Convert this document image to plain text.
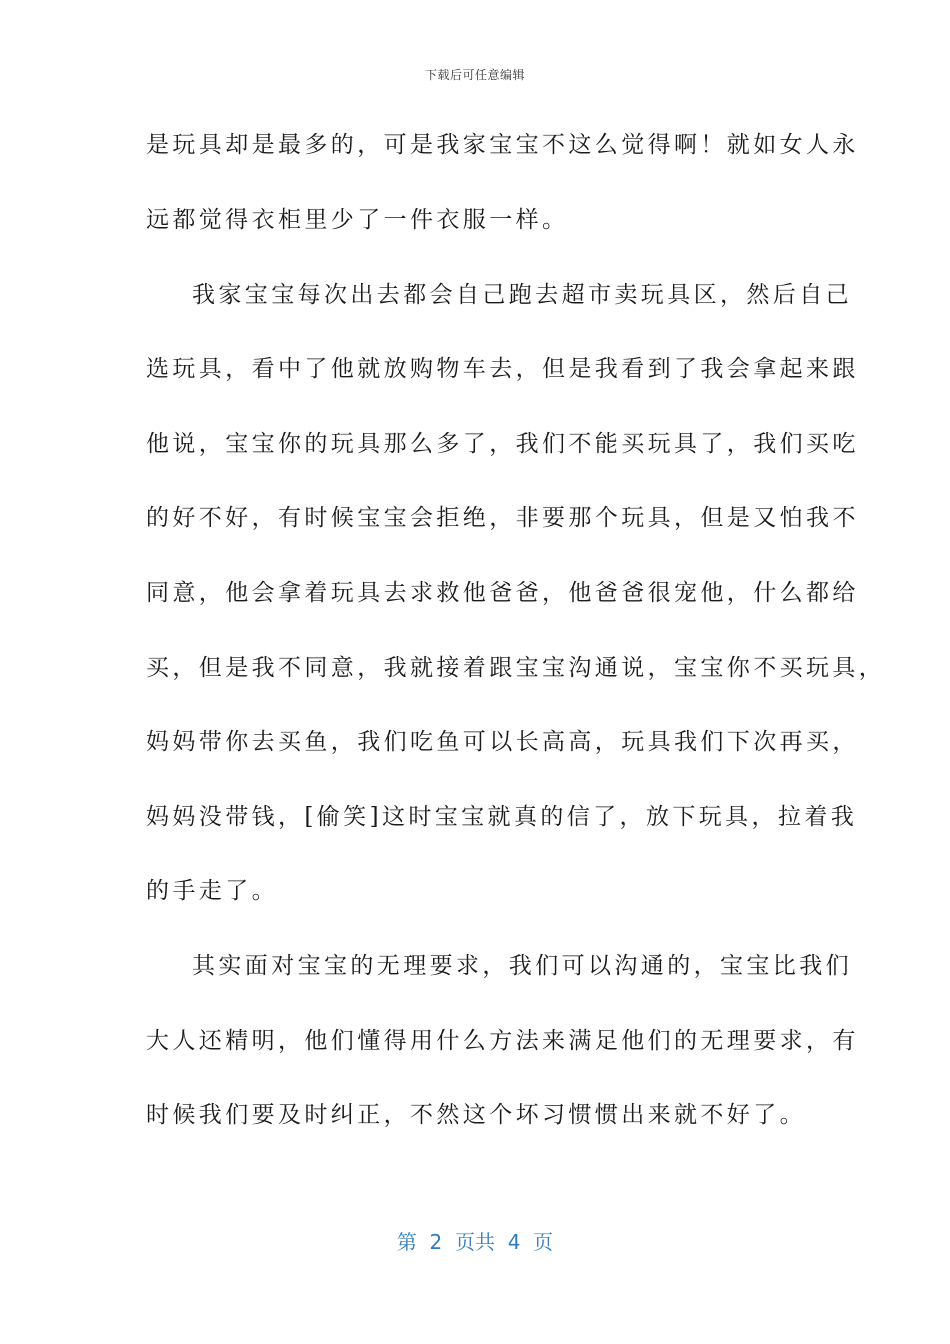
下载后可任意编辑
是玩具却是最多的，可是我家宝宝不这么觉得啊！就如女人永
远都觉得衣柜里少了一件衣服一样。
我家宝宝每次出去都会自己跑去超市卖玩具区，然后自己
选玩具，看中了他就放购物车去，但是我看到了我会拿起来跟
他说，宝宝你的玩具那么多了，我们不能买玩具了，我们买吃
的好不好，有时候宝宝会拒绝，非要那个玩具，但是又怕我不
同意，他会拿着玩具去求救他爸爸，他爸爸很宠他，什么都给
买，但是我不同意，我就接着跟宝宝沟通说，宝宝你不买玩具，
妈妈带你去买鱼，我们吃鱼可以长高高，玩具我们下次再买，
妈妈没带钱，[偷笑]这时宝宝就真的信了，放下玩具，拉着我
的手走了。
其实面对宝宝的无理要求，我们可以沟通的，宝宝比我们
大人还精明，他们懂得用什么方法来满足他们的无理要求，有
时候我们要及时纠正，不然这个坏习惯惯出来就不好了。
第  2  页共  4  页
